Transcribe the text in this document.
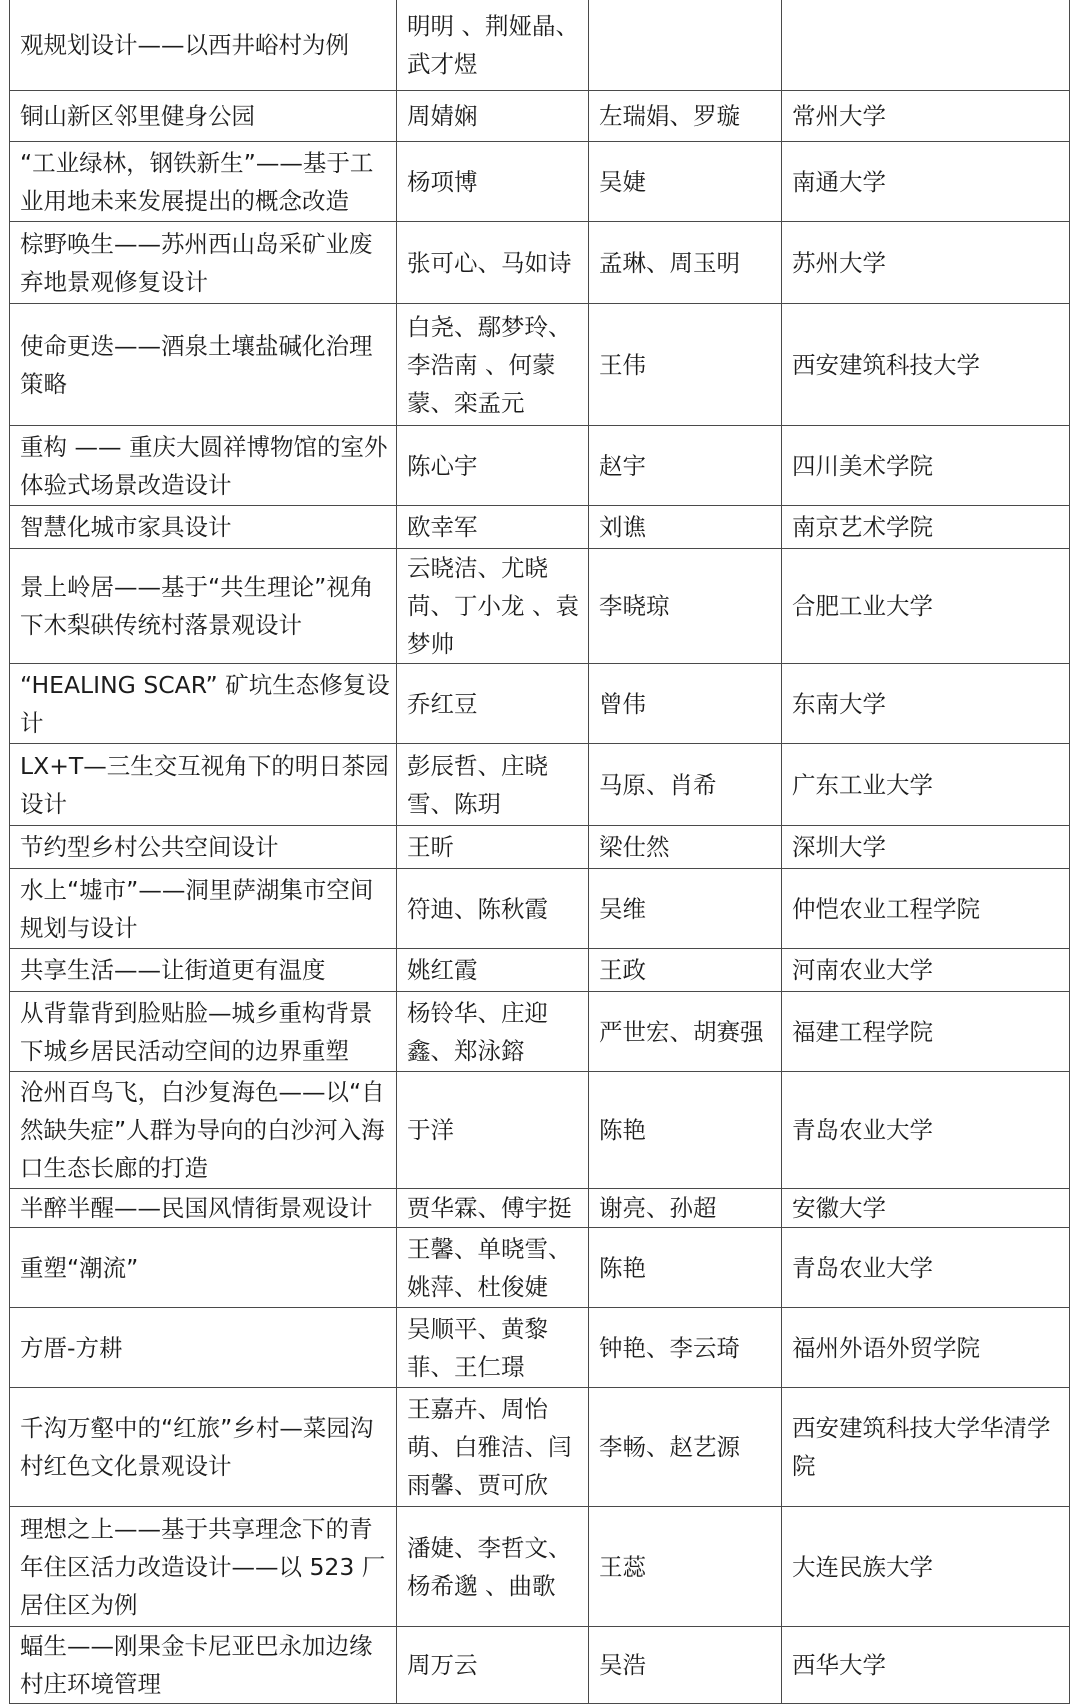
观规划设计——以西井峪村为例	明明 、荆娅晶、武才煜		
铜山新区邻里健身公园	周婧娴	左瑞娟、罗璇	常州大学
“工业绿林，钢铁新生”——基于工业用地未来发展提出的概念改造	杨项博	吴婕	南通大学
棕野唤生——苏州西山岛采矿业废弃地景观修复设计	张可心、马如诗	孟琳、周玉明	苏州大学
使命更迭——酒泉土壤盐碱化治理策略	白尧、鄢梦玲、李浩南 、何蒙蒙、栾孟元	王伟	西安建筑科技大学
重构 —— 重庆大圆祥博物馆的室外体验式场景改造设计	陈心宇	赵宇	四川美术学院
智慧化城市家具设计	欧幸军	刘谯	南京艺术学院
景上岭居——基于“共生理论”视角下木梨硔传统村落景观设计	云晓洁、尤晓苘、丁小龙 、袁梦帅	李晓琼	合肥工业大学
“HEALING SCAR” 矿坑生态修复设计	乔红豆	曾伟	东南大学
LX+T—三生交互视角下的明日茶园设计	彭辰哲、庄晓雪、陈玥	马原、肖希	广东工业大学
节约型乡村公共空间设计	王昕	梁仕然	深圳大学
水上“墟市”——洞里萨湖集市空间规划与设计	符迪、陈秋霞	吴维	仲恺农业工程学院
共享生活——让街道更有温度	姚红霞	王政	河南农业大学
从背靠背到脸贴脸—城乡重构背景下城乡居民活动空间的边界重塑	杨铃华、庄迎鑫、郑泳鎔	严世宏、胡赛强	福建工程学院
沧州百鸟飞，白沙复海色——以“自然缺失症”人群为导向的白沙河入海口生态长廊的打造	于洋	陈艳	青岛农业大学
半醉半醒——民国风情街景观设计	贾华霖、傅宇挺	谢亮、孙超	安徽大学
重塑“潮流”	王馨、单晓雪、姚萍、杜俊婕	陈艳	青岛农业大学
方厝-方耕	吴顺平、黄黎菲、王仁璟	钟艳、李云琦	福州外语外贸学院
千沟万壑中的“红旅”乡村—菜园沟村红色文化景观设计	王嘉卉、周怡萌、白雅洁、闫雨馨、贾可欣	李畅、赵艺源	西安建筑科技大学华清学院
理想之上——基于共享理念下的青年住区活力改造设计——以 523 厂居住区为例	潘婕、李哲文、杨希邈 、曲歌	王蕊	大连民族大学
蝠生——刚果金卡尼亚巴永加边缘村庄环境管理	周万云	吴浩	西华大学
